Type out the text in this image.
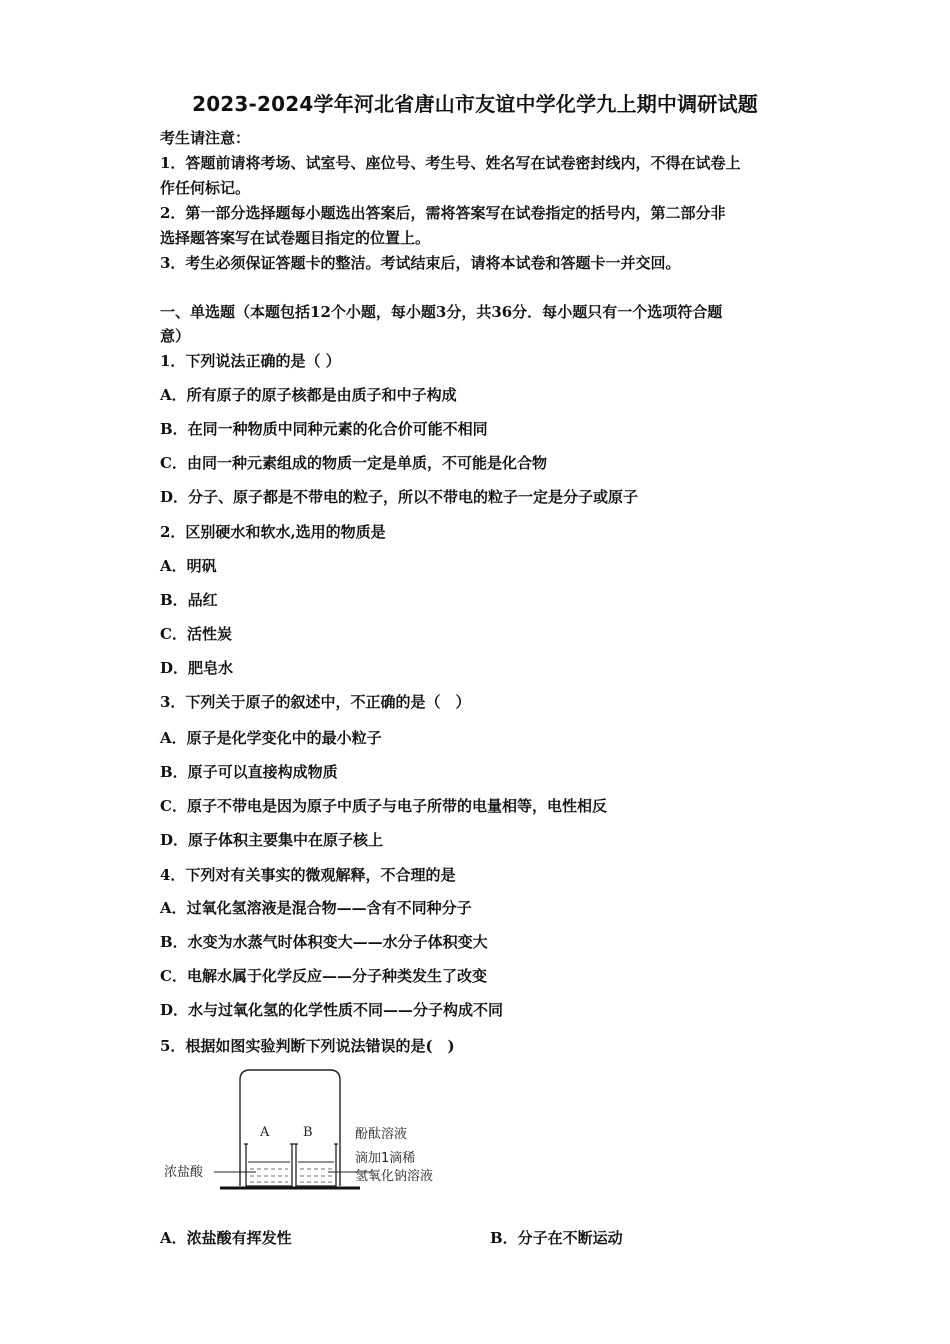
2023-2024学年河北省唐山市友谊中学化学九上期中调研试题
考生请注意：
1．答题前请将考场、试室号、座位号、考生号、姓名写在试卷密封线内，不得在试卷上
作任何标记。
2．第一部分选择题每小题选出答案后，需将答案写在试卷指定的括号内，第二部分非
选择题答案写在试卷题目指定的位置上。
3．考生必须保证答题卡的整洁。考试结束后，请将本试卷和答题卡一并交回。
一、单选题（本题包括12个小题，每小题3分，共36分．每小题只有一个选项符合题
意）
1．下列说法正确的是（ ）
A．所有原子的原子核都是由质子和中子构成
B．在同一种物质中同种元素的化合价可能不相同
C．由同一种元素组成的物质一定是单质，不可能是化合物
D．分子、原子都是不带电的粒子，所以不带电的粒子一定是分子或原子
2．区别硬水和软水,选用的物质是
A．明矾
B．品红
C．活性炭
D．肥皂水
3．下列关于原子的叙述中，不正确的是（　）
A．原子是化学变化中的最小粒子
B．原子可以直接构成物质
C．原子不带电是因为原子中质子与电子所带的电量相等，电性相反
D．原子体积主要集中在原子核上
4．下列对有关事实的微观解释，不合理的是
A．过氧化氢溶液是混合物——含有不同种分子
B．水变为水蒸气时体积变大——水分子体积变大
C．电解水属于化学反应——分子种类发生了改变
D．水与过氧化氢的化学性质不同——分子构成不同
5．根据如图实验判断下列说法错误的是(　)
A	B	酚酞溶液
滴加1滴稀
氢氧化钠溶液
浓盐酸
A．浓盐酸有挥发性	B．分子在不断运动
